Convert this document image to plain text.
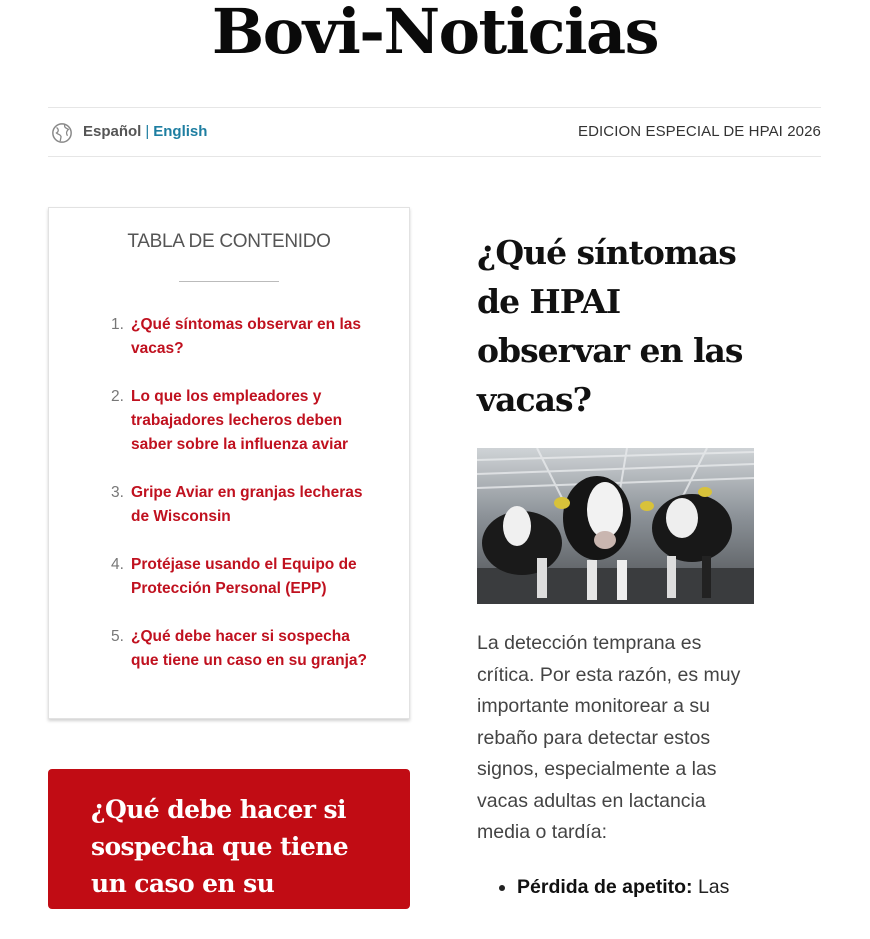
Bovi-Noticias
Español | English	EDICION ESPECIAL DE HPAI 2026
TABLA DE CONTENIDO
1. ¿Qué síntomas observar en las vacas?
2. Lo que los empleadores y trabajadores lecheros deben saber sobre la influenza aviar
3. Gripe Aviar en granjas lecheras de Wisconsin
4. Protéjase usando el Equipo de Protección Personal (EPP)
5. ¿Qué debe hacer si sospecha que tiene un caso en su granja?
¿Qué debe hacer si sospecha que tiene un caso en su granja?
¿Qué síntomas de HPAI observar en las vacas?

La detección temprana es crítica. Por esta razón, es muy importante monitorear a su rebaño para detectar estos signos, especialmente a las vacas adultas en lactancia media o tardía:

• Pérdida de apetito: Las
